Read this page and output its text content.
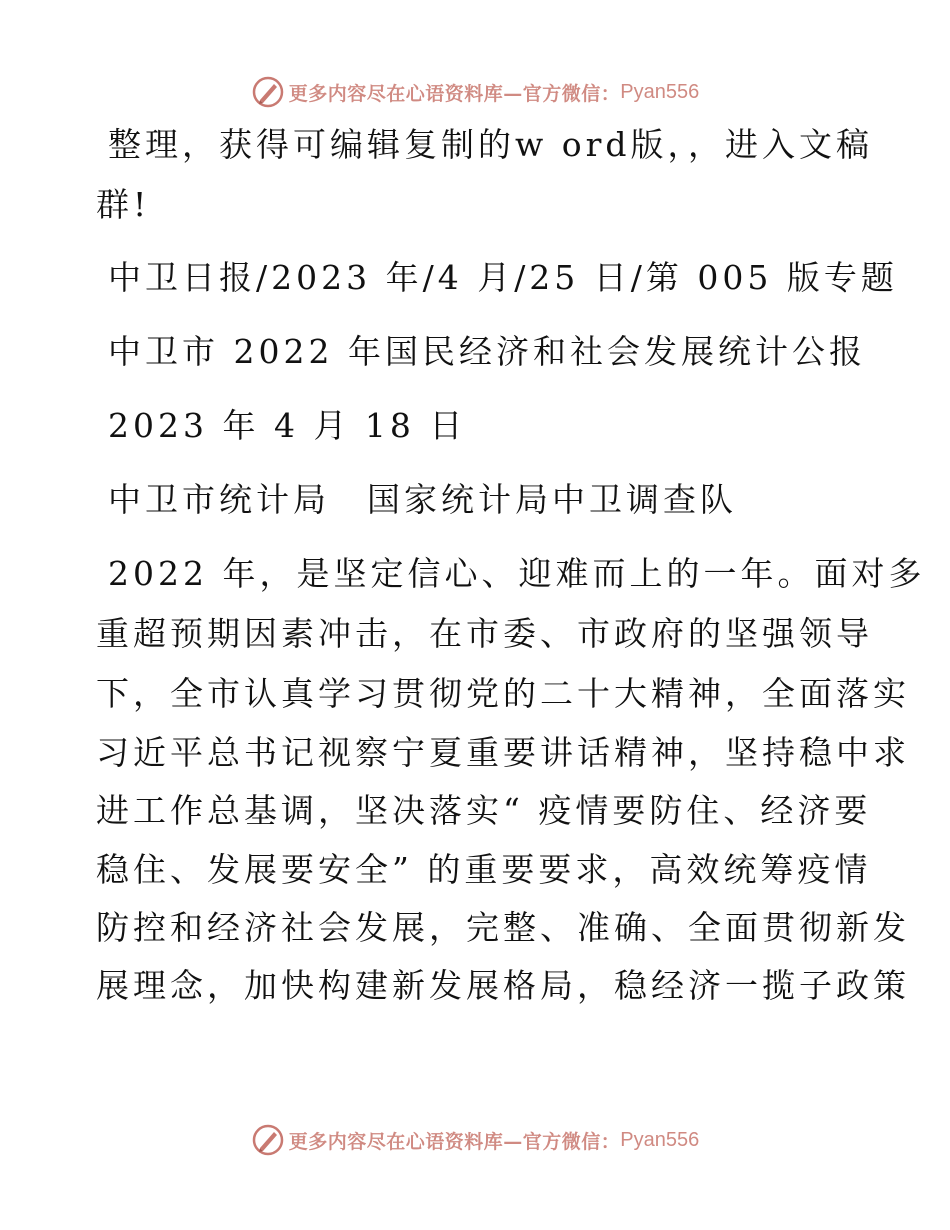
更多内容尽在心语资料库—官方微信： Pyan556
整理，获得可编辑复制的w ord版，，进入文稿
群!
中卫日报/2023 年/4 月/25 日/第 005 版专题
中卫市 2022 年国民经济和社会发展统计公报
2023 年 4 月 18 日
中卫市统计局　国家统计局中卫调查队
2022 年，是坚定信心、迎难而上的一年。面对多
重超预期因素冲击，在市委、市政府的坚强领导
下，全市认真学习贯彻党的二十大精神，全面落实
习近平总书记视察宁夏重要讲话精神，坚持稳中求
进工作总基调，坚决落实“ 疫情要防住、经济要
稳住、发展要安全” 的重要要求，高效统筹疫情
防控和经济社会发展，完整、准确、全面贯彻新发
展理念，加快构建新发展格局，稳经济一揽子政策
更多内容尽在心语资料库—官方微信： Pyan556
